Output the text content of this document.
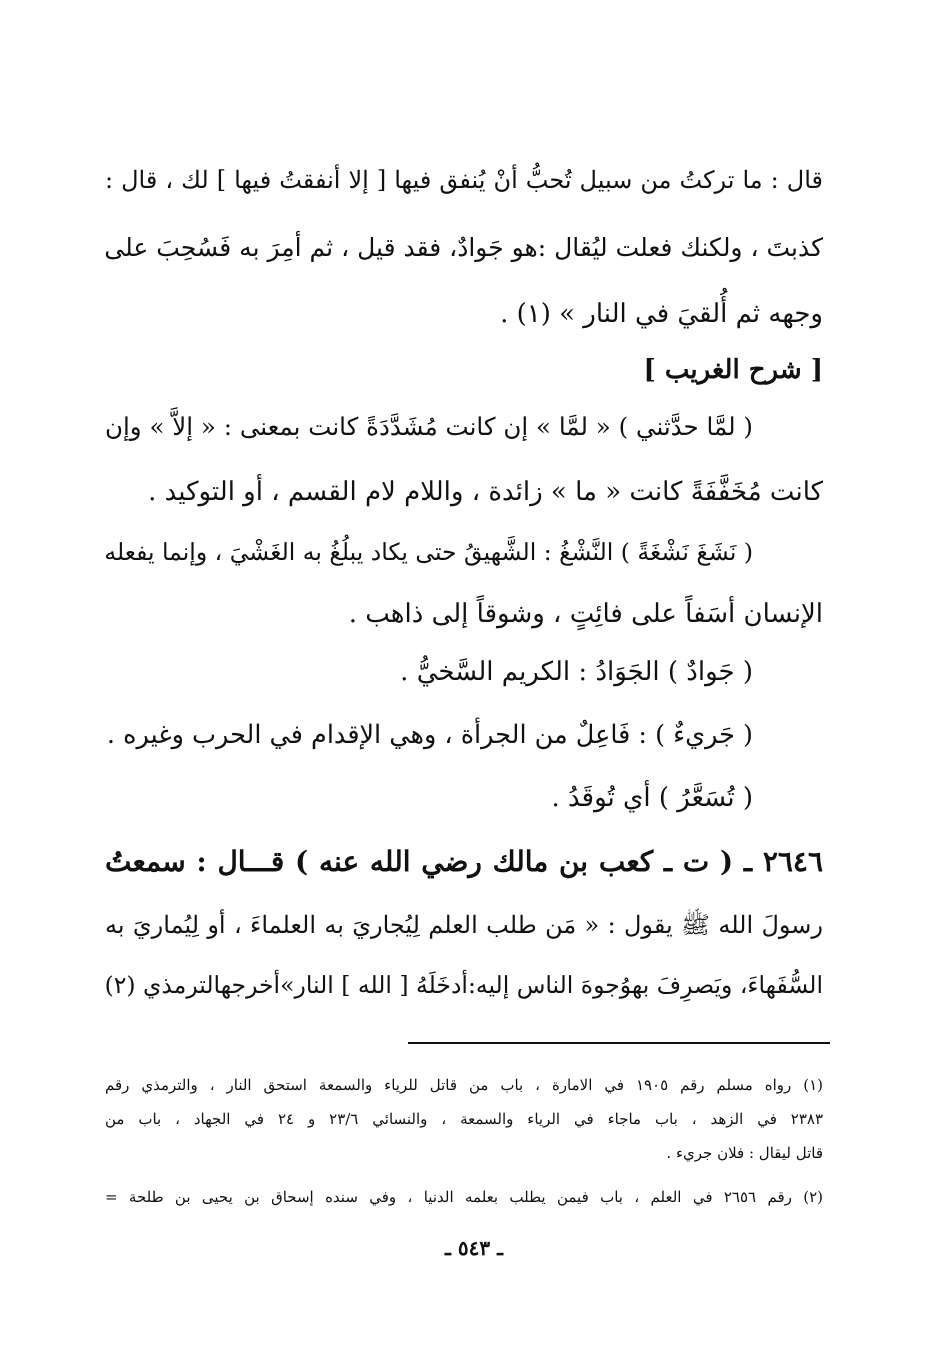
قال : ما تركتُ من سبيل تُحبُّ أنْ يُنفق فيها [ إلا أنفقتُ فيها ] لك ، قال :
كذبتَ ، ولكنك فعلت ليُقال :هو جَوادٌ، فقد قيل ، ثم أمِرَ به فَسُحِبَ على
وجهه ثم أُلقيَ في النار » (١) .
[ شرح الغريب ]
( لمَّا حدَّثني ) « لمَّا » إن كانت مُشَدَّدَةً كانت بمعنى : « إلاَّ » وإن
كانت مُخَفَّفَةً كانت « ما » زائدة ، واللام لام القسم ، أو التوكيد .
( نَشَغَ نَشْغَةً ) النَّشْغُ : الشَّهيقُ حتى يكاد يبلُغُ به الغَشْيَ ، وإنما يفعله
الإنسان أسَفاً على فائِتٍ ، وشوقاً إلى ذاهب .
( جَوادٌ ) الجَوَادُ : الكريم السَّخيُّ .
( جَريءٌ ) : فَاعِلٌ من الجرأة ، وهي الإقدام في الحرب وغيره .
( تُسَعَّرُ ) أي تُوقَدُ .
٢٦٤٦ ـ ( ت ـ كعب بن مالك رضي الله عنه ) قـــال : سمعتُ
رسولَ الله ﷺ يقول : « مَن طلب العلم لِيُجاريَ به العلماءَ ، أو لِيُماريَ به
السُّفَهاءَ، ويَصرِفَ بهوُجوهَ الناس إليه:أدخَلَهُ [ الله ] النار»أخرجهالترمذي (٢)
(١) رواه مسلم رقم ١٩٠٥ في الامارة ، باب من قاتل للرياء والسمعة استحق النار ، والترمذي رقم
٢٣٨٣ في الزهد ، باب ماجاء في الرياء والسمعة ، والنسائي ٢٣/٦ و ٢٤ في الجهاد ، باب من
قاتل ليقال : فلان جريء .
(٢) رقم ٢٦٥٦ في العلم ، باب فيمن يطلب بعلمه الدنيا ، وفي سنده إسحاق بن يحيى بن طلحة =
ـ ٥٤٣ ـ
